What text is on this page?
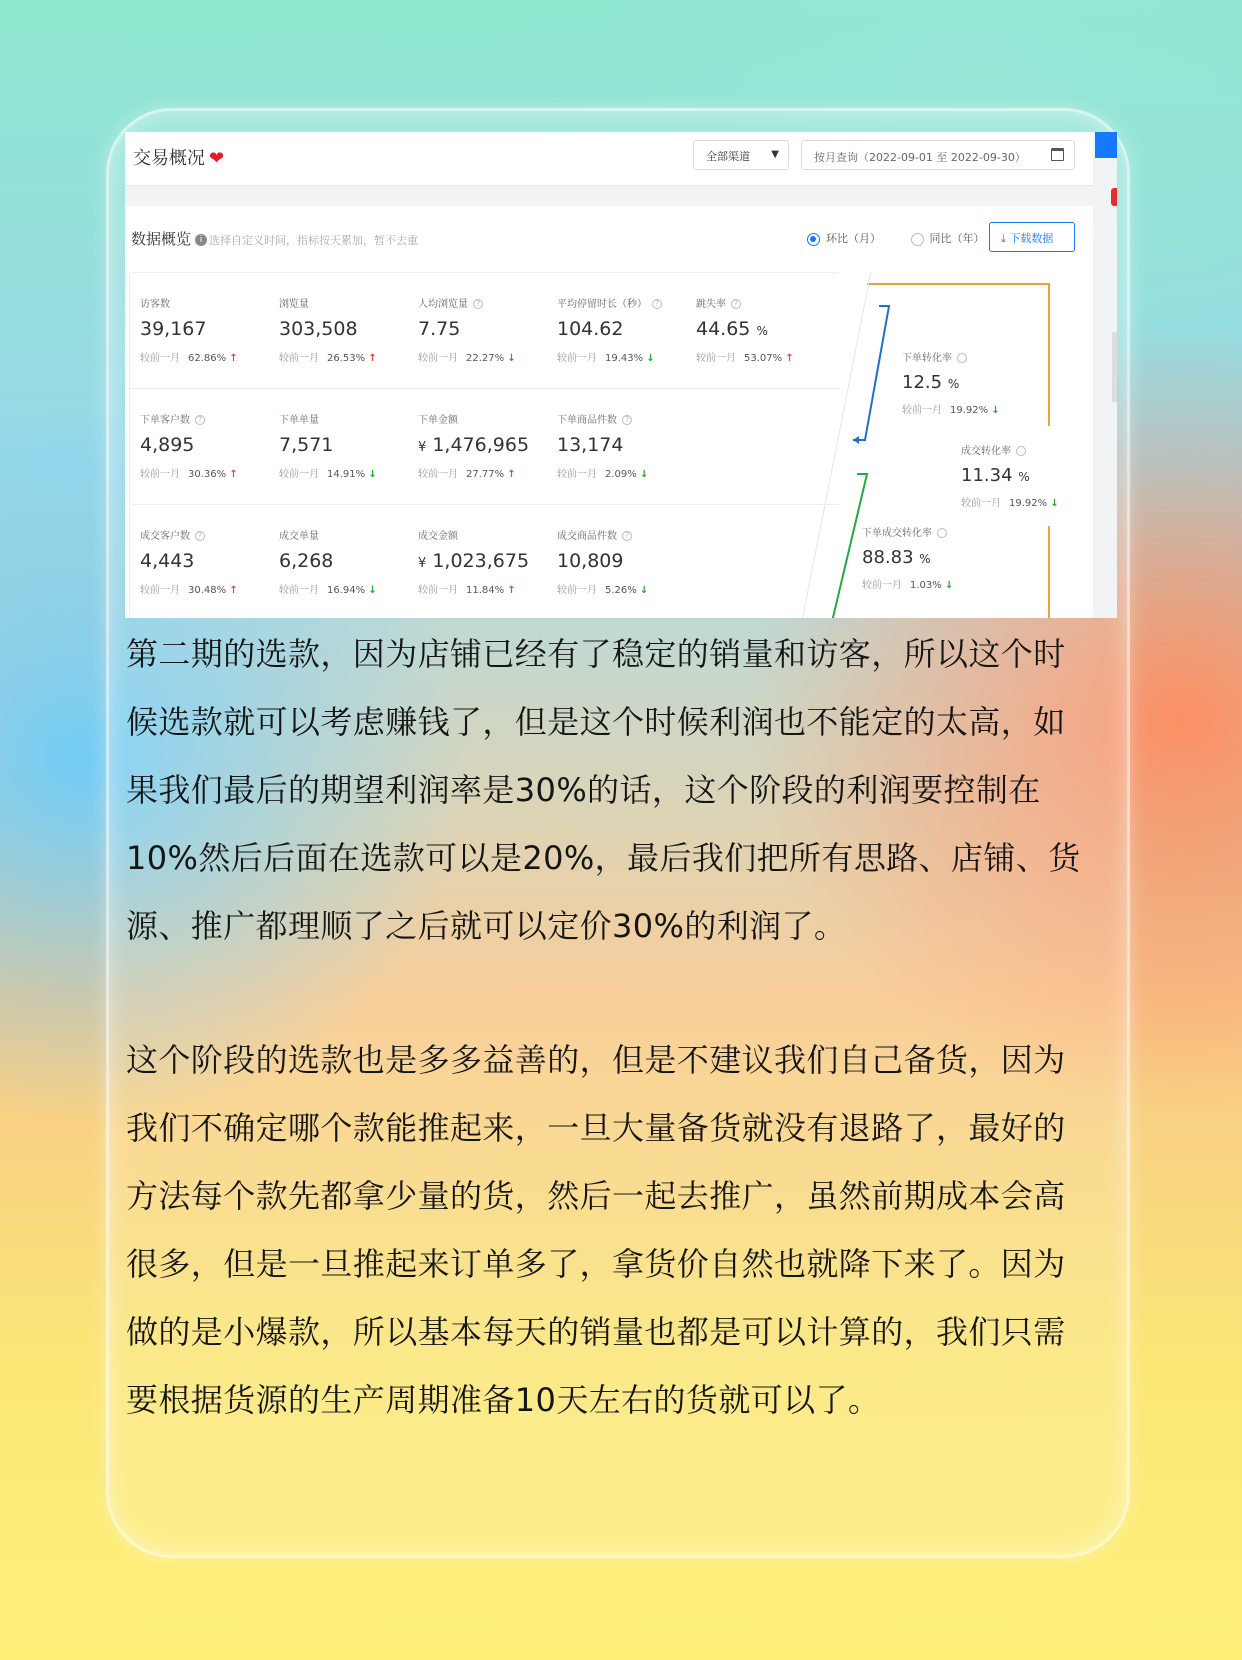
交易概况 ❤	全部渠道 ▼	按月查询（2022-09-01 至 2022-09-30）
数据概览 i 选择自定义时间，指标按天累加，暂不去重	环比（月）	同比（年）	⤓ 下载数据
访客数
39,167
较前一月 62.86% ↑
浏览量
303,508
较前一月 26.53% ↑
人均浏览量 ?
7.75
较前一月 22.27% ↓
平均停留时长（秒） ?
104.62
较前一月 19.43% ↓
跳失率 ?
44.65 %
较前一月 53.07% ↑
下单客户数 ?
4,895
较前一月 30.36% ↑
下单单量
7,571
较前一月 14.91% ↓
下单金额
¥ 1,476,965
较前一月 27.77% ↑
下单商品件数 ?
13,174
较前一月 2.09% ↓
成交客户数 ?
4,443
较前一月 30.48% ↑
成交单量
6,268
较前一月 16.94% ↓
成交金额
¥ 1,023,675
较前一月 11.84% ↑
成交商品件数 ?
10,809
较前一月 5.26% ↓
下单转化率
12.5 %
较前一月 19.92% ↓
成交转化率
11.34 %
较前一月 19.92% ↓
下单成交转化率
88.83 %
较前一月 1.03% ↓
第二期的选款，因为店铺已经有了稳定的销量和访客，所以这个时候选款就可以考虑赚钱了，但是这个时候利润也不能定的太高，如果我们最后的期望利润率是30%的话，这个阶段的利润要控制在10%然后后面在选款可以是20%，最后我们把所有思路、店铺、货源、推广都理顺了之后就可以定价30%的利润了。
这个阶段的选款也是多多益善的，但是不建议我们自己备货，因为我们不确定哪个款能推起来，一旦大量备货就没有退路了，最好的方法每个款先都拿少量的货，然后一起去推广，虽然前期成本会高很多，但是一旦推起来订单多了，拿货价自然也就降下来了。因为做的是小爆款，所以基本每天的销量也都是可以计算的，我们只需要根据货源的生产周期准备10天左右的货就可以了。
